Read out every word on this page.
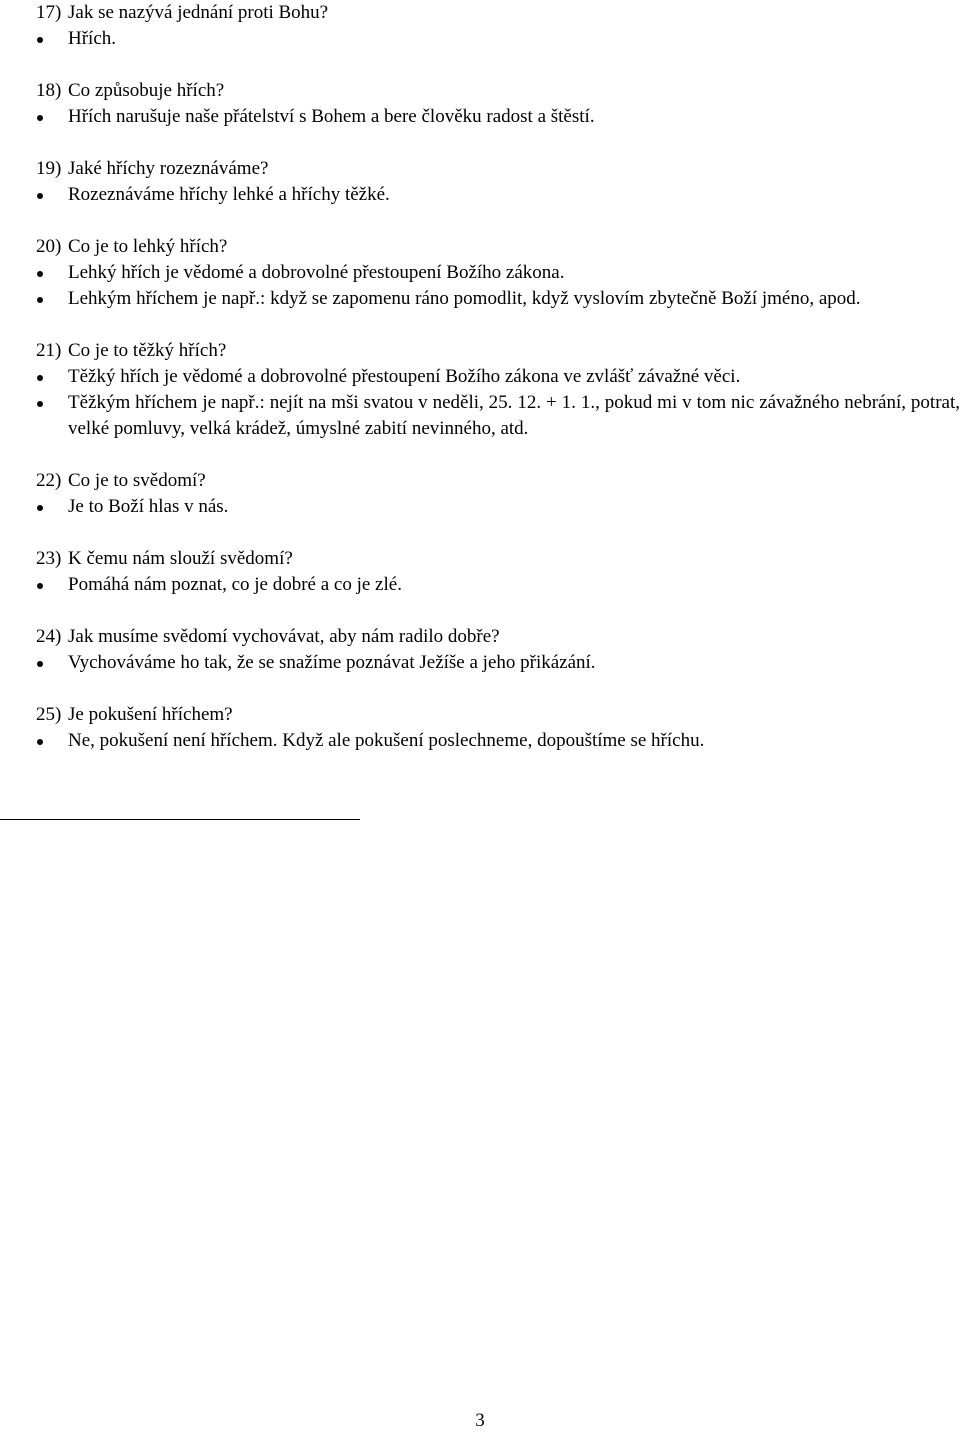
17) Jak se nazývá jednání proti Bohu?
Hřích.
18) Co způsobuje hřích?
Hřích narušuje naše přátelství s Bohem a bere člověku radost a štěstí.
19) Jaké hříchy rozeznáváme?
Rozeznáváme hříchy lehké a hříchy těžké.
20) Co je to lehký hřích?
Lehký hřích je vědomé a dobrovolné přestoupení Božího zákona.
Lehkým hříchem je např.: když se zapomenu ráno pomodlit, když vyslovím zbytečně Boží jméno, apod.
21) Co je to těžký hřích?
Těžký hřích je vědomé a dobrovolné přestoupení Božího zákona ve zvlášť závažné věci.
Těžkým hříchem je např.: nejít na mši svatou v neděli, 25. 12. + 1. 1., pokud mi v tom nic závažného nebrání, potrat, velké pomluvy, velká krádež, úmyslné zabití nevinného, atd.
22) Co je to svědomí?
Je to Boží hlas v nás.
23) K čemu nám slouží svědomí?
Pomáhá nám poznat, co je dobré a co je zlé.
24) Jak musíme svědomí vychovávat, aby nám radilo dobře?
Vychováváme ho tak, že se snažíme poznávat Ježíše a jeho přikázání.
25) Je pokušení hříchem?
Ne, pokušení není hříchem. Když ale pokušení poslechneme, dopouštíme se hříchu.
3
